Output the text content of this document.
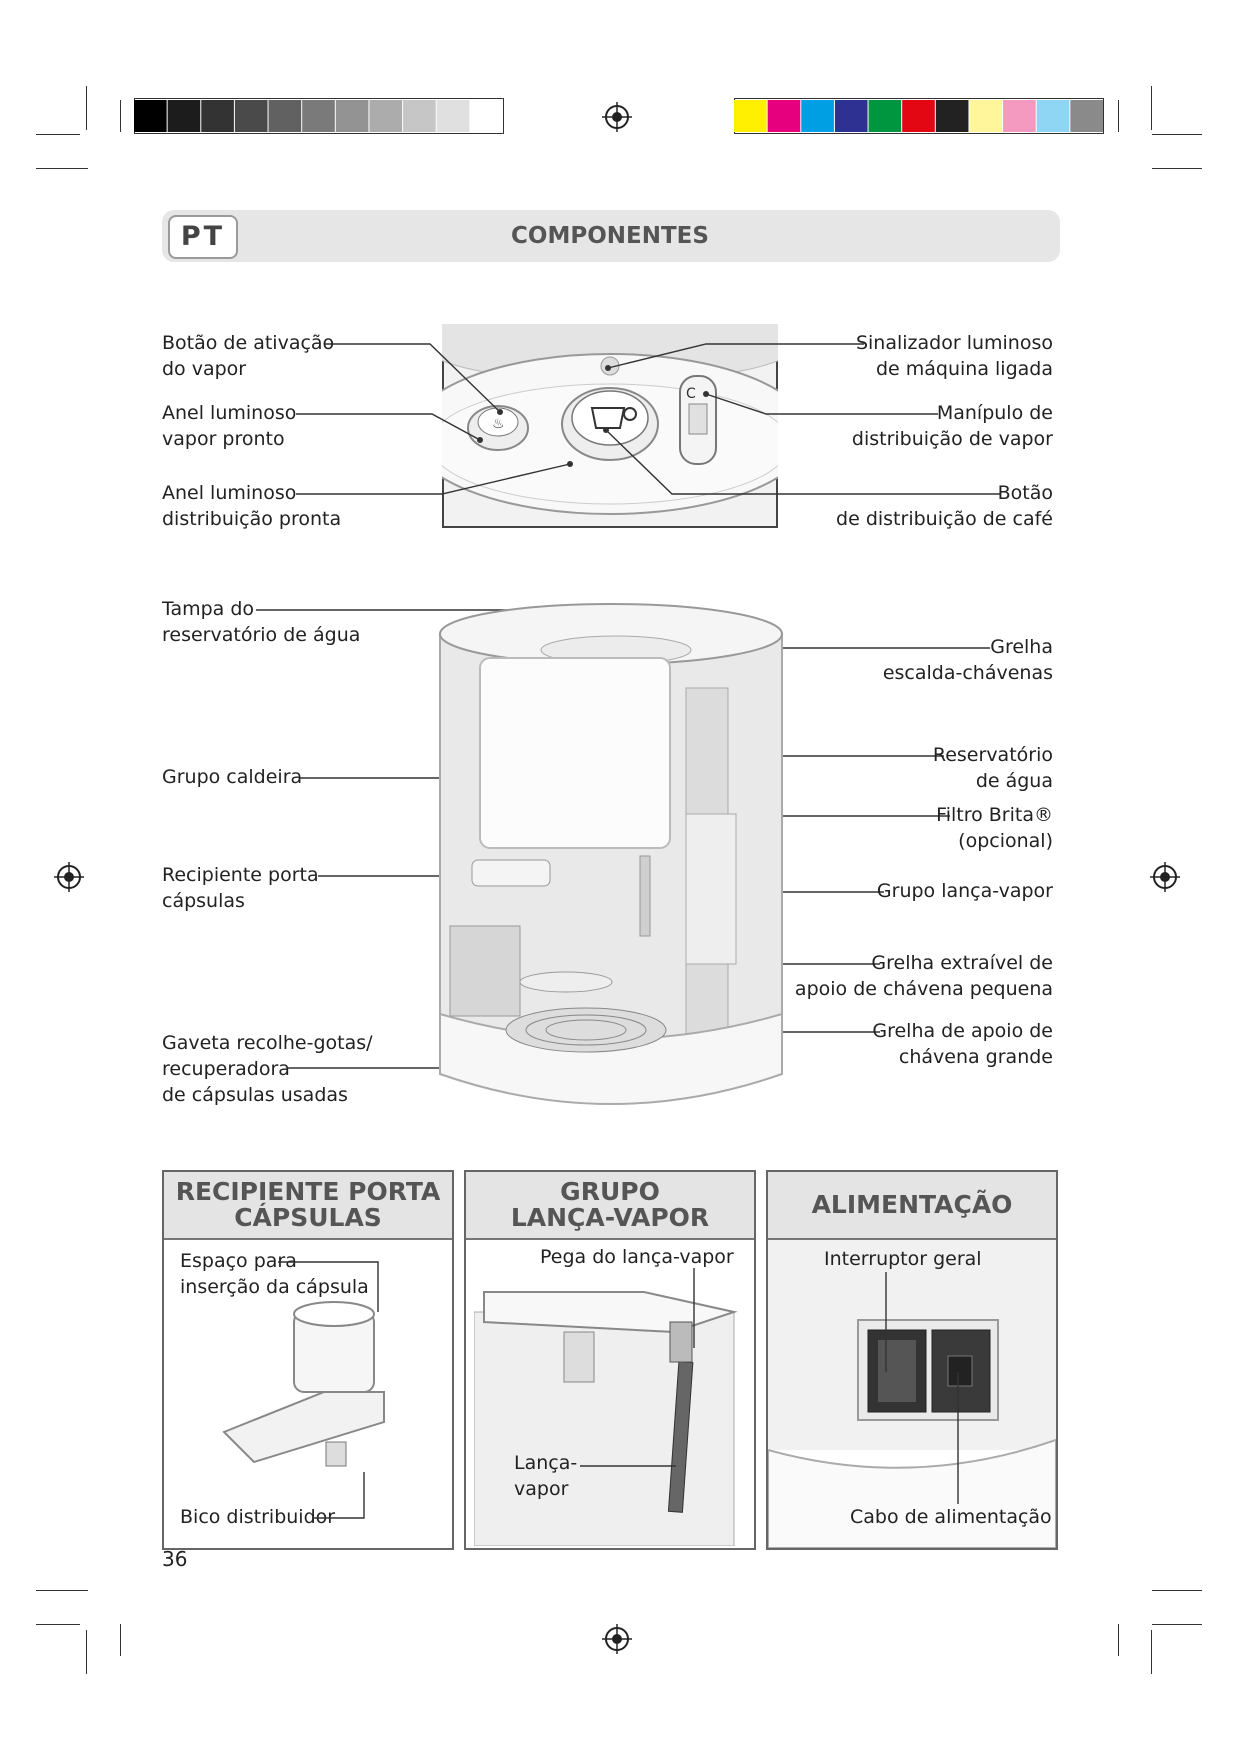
PT	COMPONENTES
♨
C
Botão de ativação
do vapor
Anel luminoso
vapor pronto
Anel luminoso
distribuição pronta
Sinalizador luminoso
de máquina ligada
Manípulo de
distribuição de vapor
Botão
de distribuição de café
Tampa do
reservatório de água
Grupo caldeira
Recipiente porta
cápsulas
Gaveta recolhe-gotas/
recuperadora
de cápsulas usadas
Grelha
escalda-chávenas
Reservatório
de água
Filtro Brita®
(opcional)
Grupo lança-vapor
Grelha extraível de
apoio de chávena pequena
Grelha de apoio de
chávena grande
RECIPIENTE PORTA
CÁPSULAS
Espaço para
inserção da cápsula
Bico distribuidor
GRUPO
LANÇA-VAPOR
Pega do lança-vapor
Lança-
vapor
ALIMENTAÇÃO
Interruptor geral
Cabo de alimentação
36
